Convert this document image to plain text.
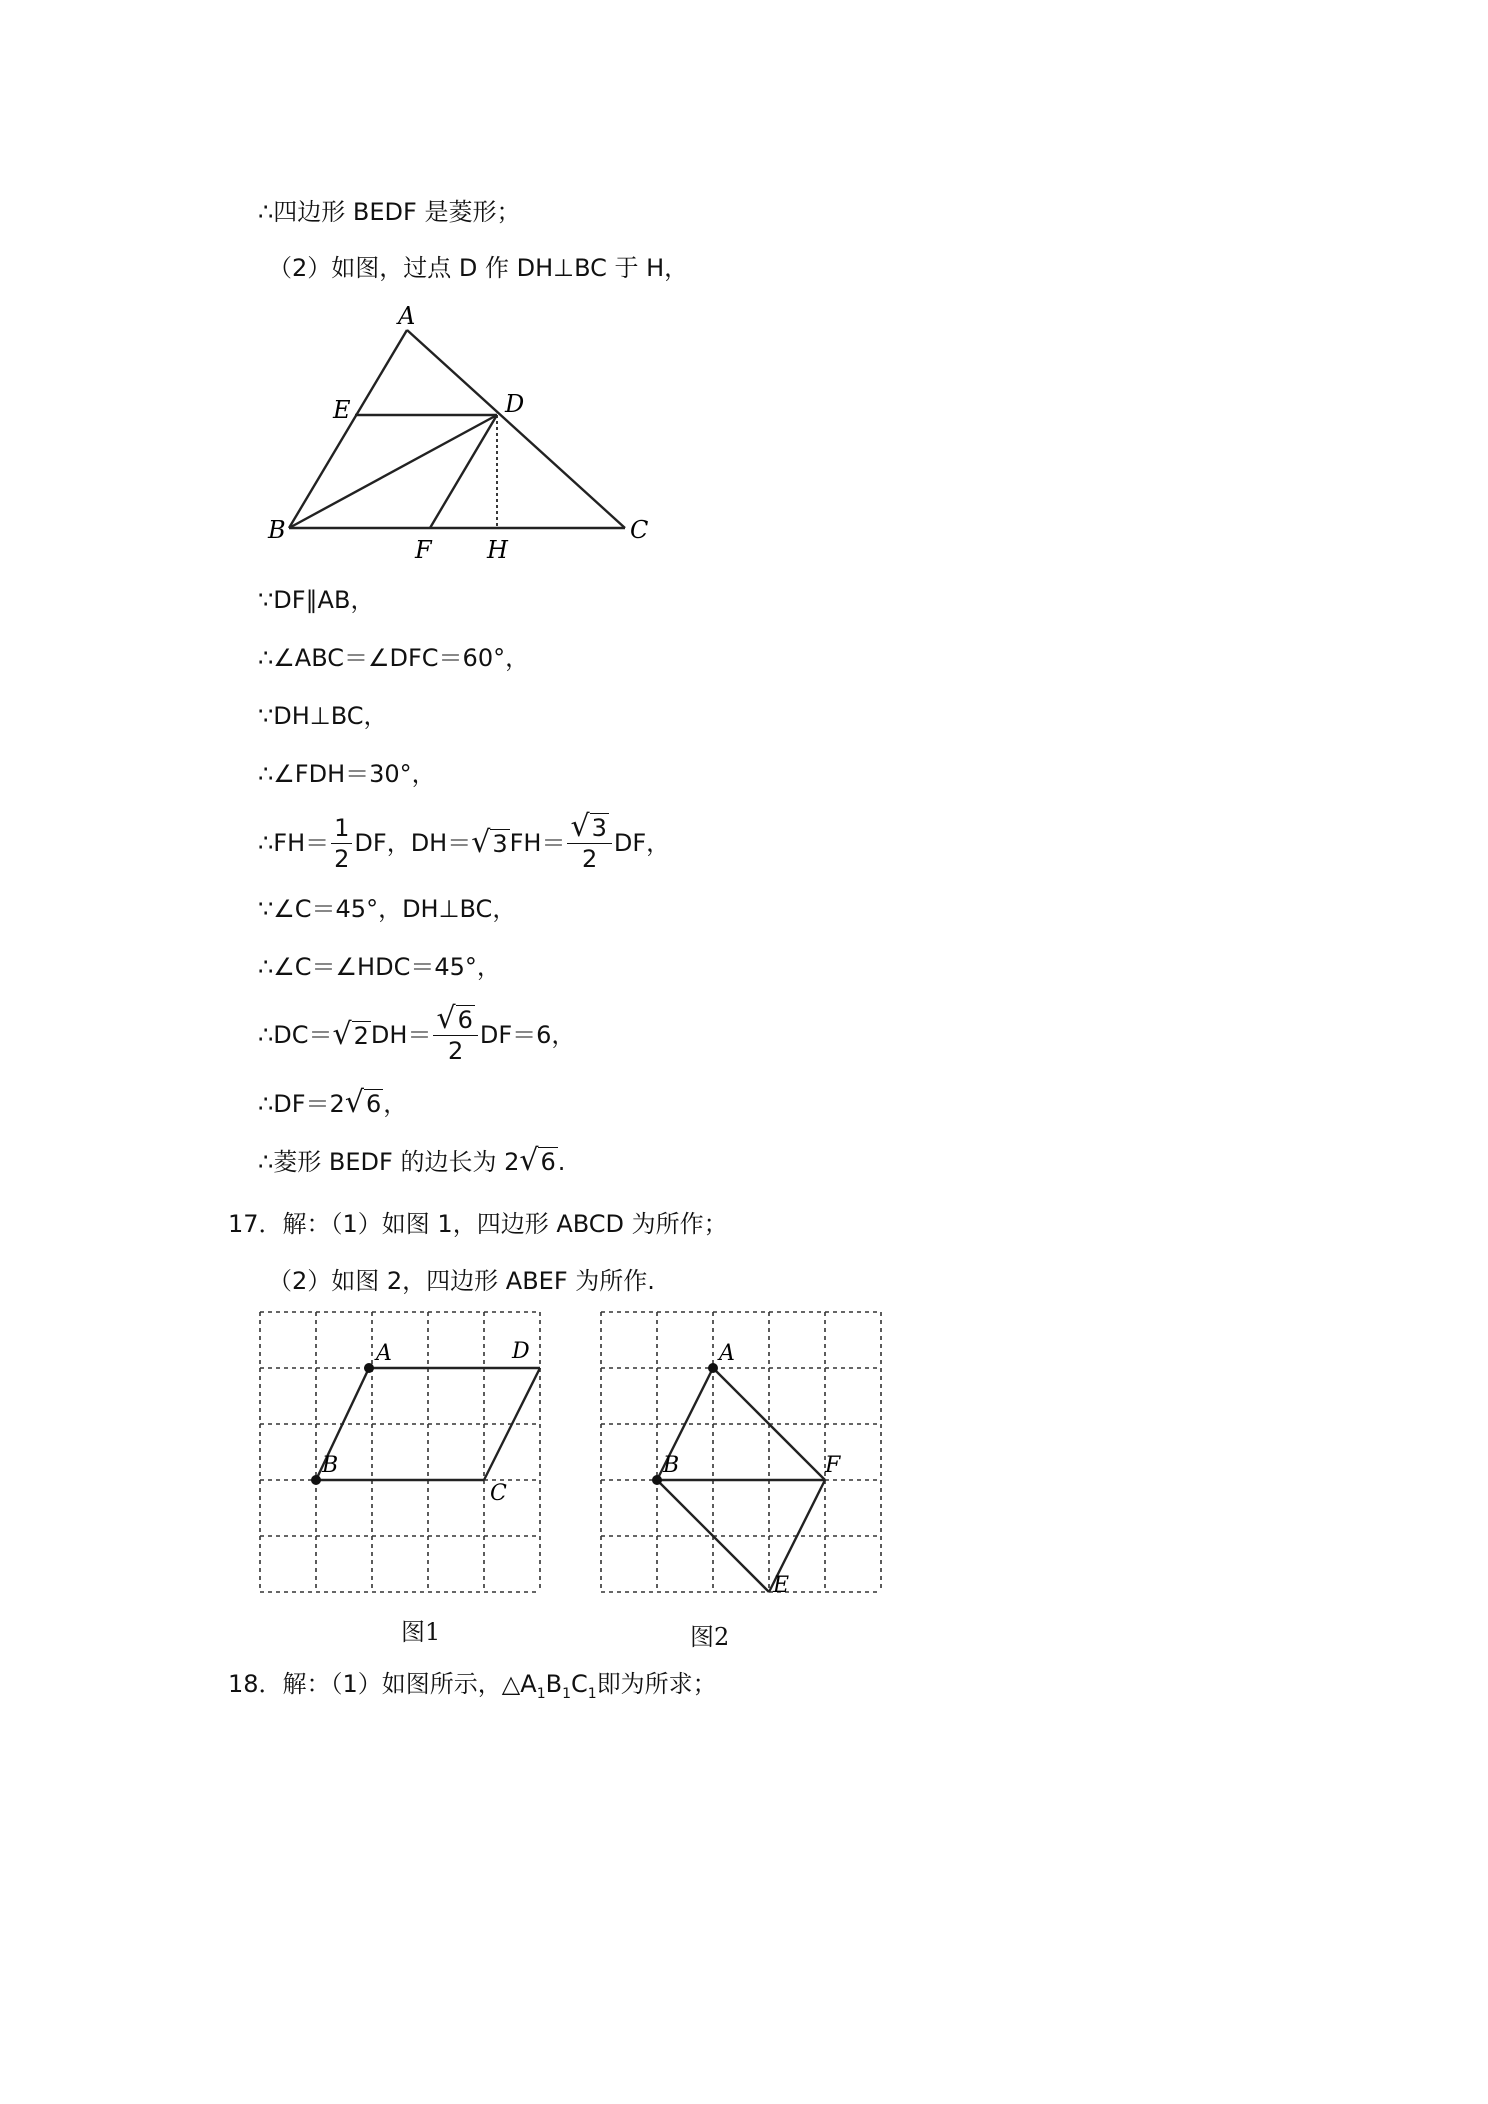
∴四边形 BEDF 是菱形；
（2）如图，过点 D 作 DH⊥BC 于 H，
A
E	D
B
F H
C
∵DF∥AB，
∴∠ABC＝∠DFC＝60°，
∵DH⊥BC，
∴∠FDH＝30°，
∴FH＝ $\frac{1}{2}$ DF，DH＝ √3 $FH= \frac{√3}{2}$ DF，
∵∠C＝45°，DH⊥BC，
∴∠C＝∠HDC＝45°，
∴DC＝ √2 $DH= \frac{√6}{2} DF=6$，
∴DF＝2 √6 ，
∴菱形 BEDF 的边长为 2 √6 .
17．解：（1）如图 1，四边形 ABCD 为所作；
（2）如图 2，四边形 ABEF 为所作.
A	D
B
C
图1
A
B	F
E
图2
18．解：（1）如图所示，$\triangle A_1B_1C_1$即为所求；
